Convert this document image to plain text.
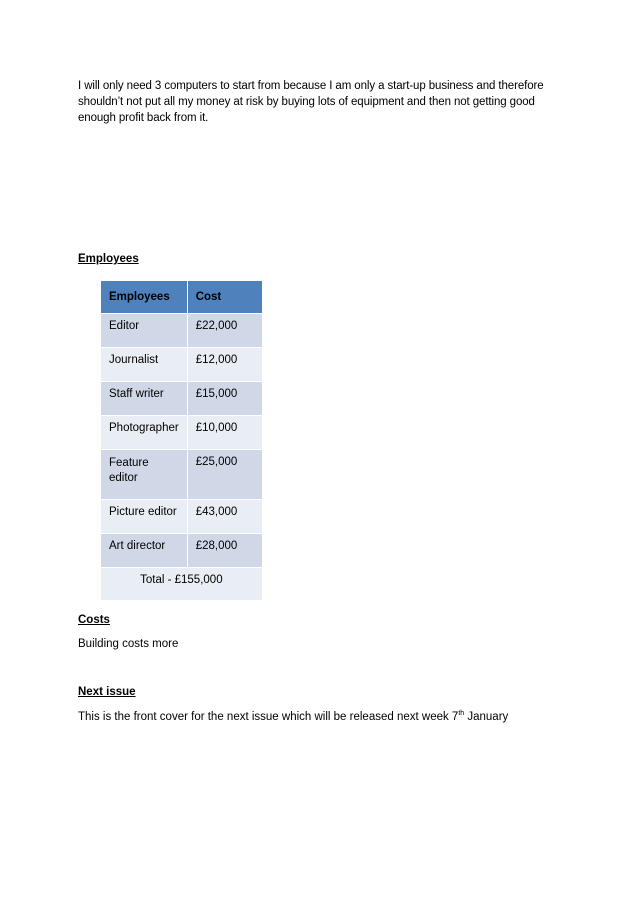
I will only need 3 computers to start from because I am only a start-up business and therefore shouldn’t not put all my money at risk by buying lots of equipment and then not getting good enough profit back from it.

Employees
Employees	Cost
Editor	£22,000
Journalist	£12,000
Staff writer	£15,000
Photographer	£10,000
Feature editor	£25,000
Picture editor	£43,000
Art director	£28,000
Total - £155,000	
Costs
Building costs more
Next issue
This is the front cover for the next issue which will be released next week 7th January
